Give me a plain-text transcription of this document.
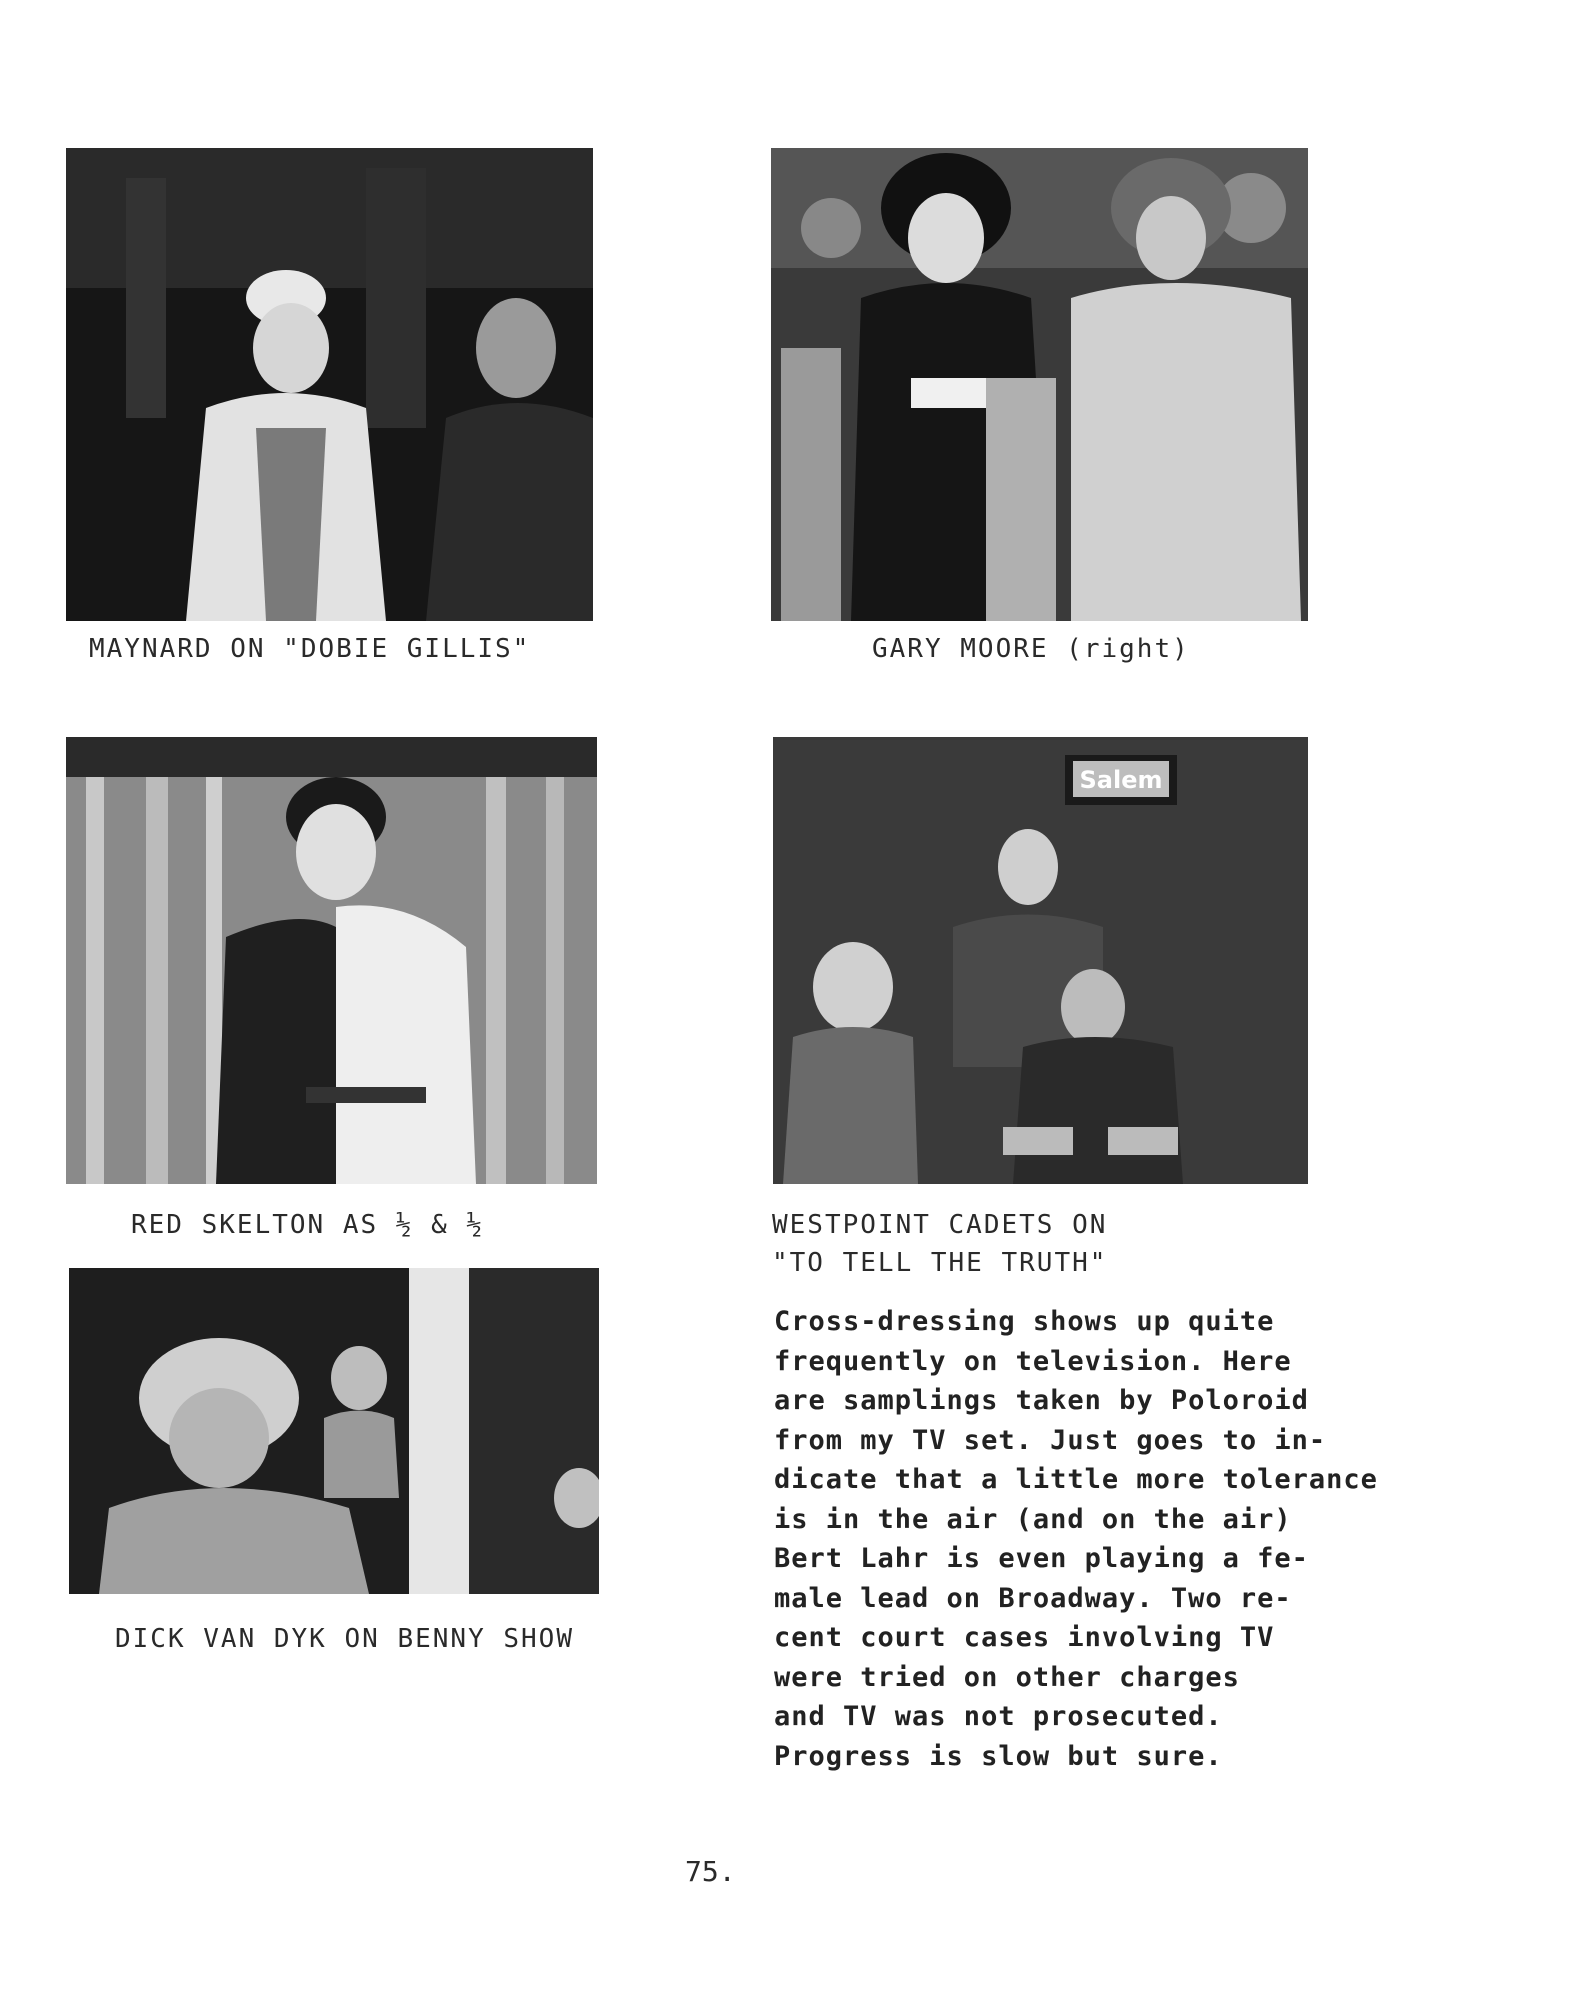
MAYNARD ON "DOBIE GILLIS"	GARY MOORE (right)
RED SKELTON AS ½ & ½
Salem
WESTPOINT CADETS ON
"TO TELL THE TRUTH"
DICK VAN DYK ON BENNY SHOW
Cross-dressing shows up quite
frequently on television. Here
are samplings taken by Poloroid
from my TV set. Just goes to in-
dicate that a little more tolerance
is in the air (and on the air)
Bert Lahr is even playing a fe-
male lead on Broadway. Two re-
cent court cases involving TV
were tried on other charges
and TV was not prosecuted.
Progress is slow but sure.
75.
